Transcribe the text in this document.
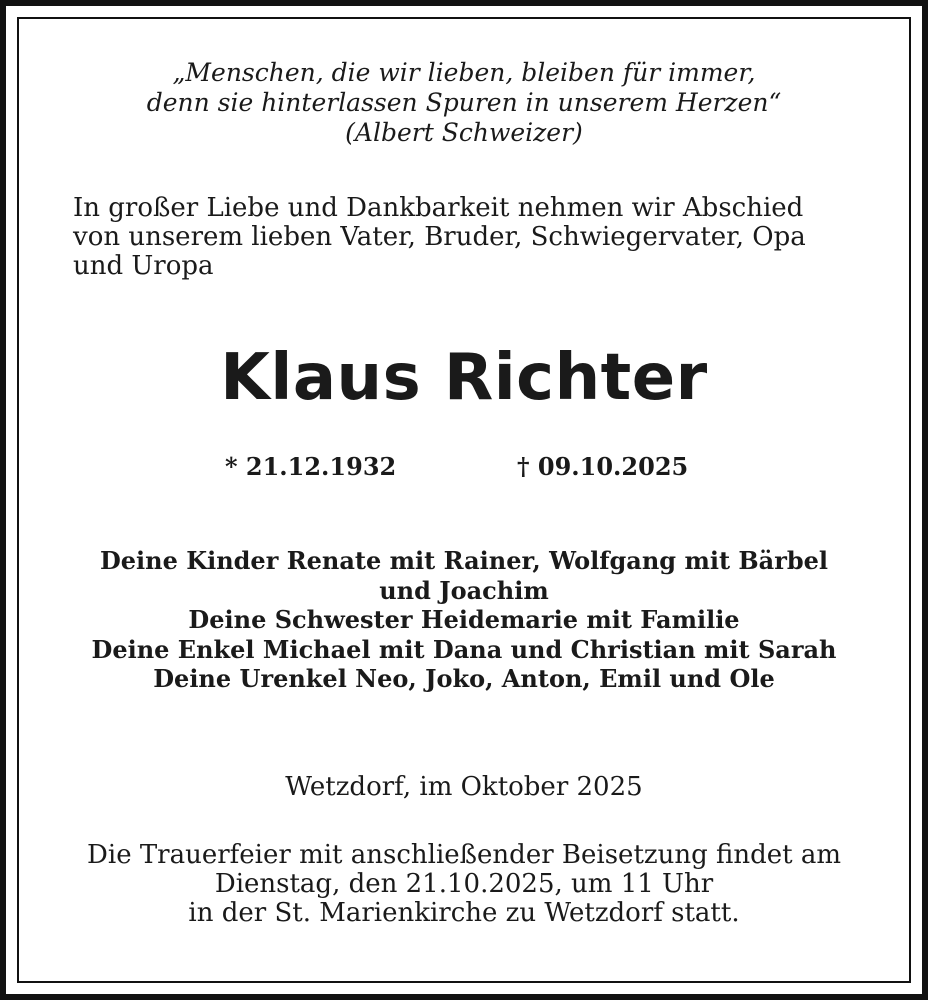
„Menschen, die wir lieben, bleiben für immer,
denn sie hinterlassen Spuren in unserem Herzen“
(Albert Schweizer)
In großer Liebe und Dankbarkeit nehmen wir Abschied
von unserem lieben Vater, Bruder, Schwiegervater, Opa
und Uropa
Klaus Richter
* 21.12.1932	† 09.10.2025
Deine Kinder Renate mit Rainer, Wolfgang mit Bärbel
und Joachim
Deine Schwester Heidemarie mit Familie
Deine Enkel Michael mit Dana und Christian mit Sarah
Deine Urenkel Neo, Joko, Anton, Emil und Ole
Wetzdorf, im Oktober 2025
Die Trauerfeier mit anschließender Beisetzung findet am
Dienstag, den 21.10.2025, um 11 Uhr
in der St. Marienkirche zu Wetzdorf statt.
